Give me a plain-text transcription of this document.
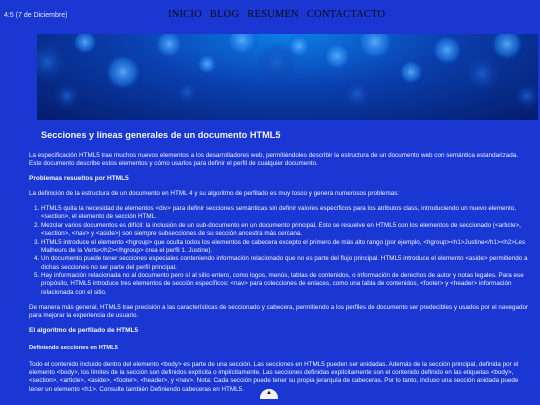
4:5 (7 de Diciembre)	INICIO BLOG RESUMEN CONTACTACTO
Secciones y líneas generales de un documento HTML5

La especificación HTML5 trae muchos nuevos elementos a los desarrolladores web, permitiéndoles describir la estructura de un documento web con semántica estandarizada. Este documento describe estos elementos y cómo usarlos para definir el perfil de cualquier documento.

Problemas resueltos por HTML5

La definición de la estructura de un documento en HTML 4 y su algoritmo de perfilado es muy tosco y genera numerosos problemas:

1. HTML5 quita la necesidad de elementos <div> para definir secciones semánticas sin definir valores específicos para los atributos class, introduciendo un nuevo elemento, <section>, el elemento de sección HTML.
2. Mezclar varios documentos es difícil: la inclusión de un sub-documento en un documento principal. Esto se resuelve en HTML5 con los elementos de seccionado (<article>, <section>, <nav> y <aside>) son siempre subsecciones de su sección ancestra más cercana.
3. HTML5 introduce el elemento <hgroup> que oculta todos los elementos de cabecera excepto el primero de más alto rango (por ejemplo, <hgroup><h1>Justine</h1><h2>Les Malheurs de la Vertu</h2></hgroup> crea el perfil 1. Justine).
4. Un documento puede tener secciones especiales conteniendo información relacionado que no es parte del flujo principal. HTML5 introduce el elemento <aside> permitiendo a dichas secciones no ser parte del perfil principal.
5. Hay información relacionada no al documento pero sí al sitio entero, como logos, menús, tablas de contenidos, o información de derechos de autor y notas legales. Para ese propósito, HTML5 introduce tres elementos de sección específicos: <nav> para colecciones de enlaces, como una tabla de contenidos, <footer> y <header> información relacionada con el sitio.

De manera más general, HTML5 trae precisión a las características de seccionado y cabecera, permitiendo a los perfiles de documento ser predecibles y usados por el navegador para mejorar la experiencia de usuario.

El algoritmo de perfilado de HTML5
Definiendo secciones en HTML5

Todo el contenido incluido dentro del elemento <body> es parte de una sección. Las secciones en HTML5 pueden ser anidadas. Además de la sección principal, definida por el elemento <body>, los límites de la sección son definidos explícita o implícitamente. Las secciones definidas explícitamente son el contenido definido en las etiquetas <body>, <section>, <article>, <aside>, <footer>, <header>, y <nav>. Nota: Cada sección puede tener su propia jerarquía de cabeceras. Por lo tanto, incluso una sección anidada puede tener un elemento <h1>. Consulte también Definiendo cabeceras en HTML5.

▲
